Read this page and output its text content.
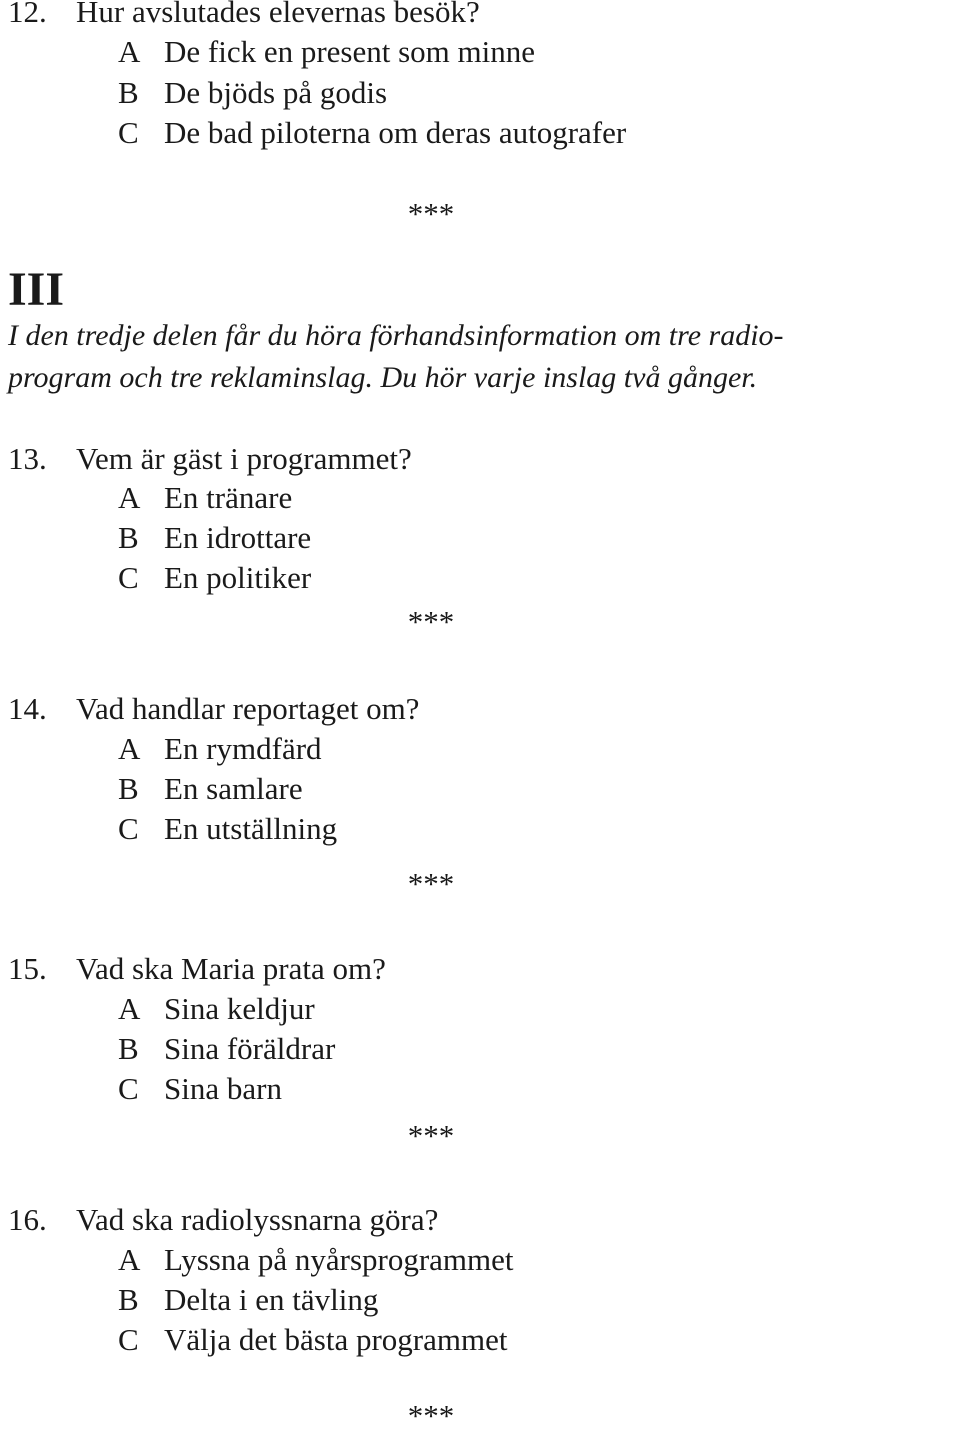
12. Hur avslutades elevernas besök?
A De fick en present som minne
B De bjöds på godis
C De bad piloterna om deras autografer
***
III
I den tredje delen får du höra förhandsinformation om tre radio-
program och tre reklaminslag. Du hör varje inslag två gånger.
13. Vem är gäst i programmet?
A En tränare
B En idrottare
C En politiker
***
14. Vad handlar reportaget om?
A En rymdfärd
B En samlare
C En utställning
***
15. Vad ska Maria prata om?
A Sina keldjur
B Sina föräldrar
C Sina barn
***
16. Vad ska radiolyssnarna göra?
A Lyssna på nyårsprogrammet
B Delta i en tävling
C Välja det bästa programmet
***
